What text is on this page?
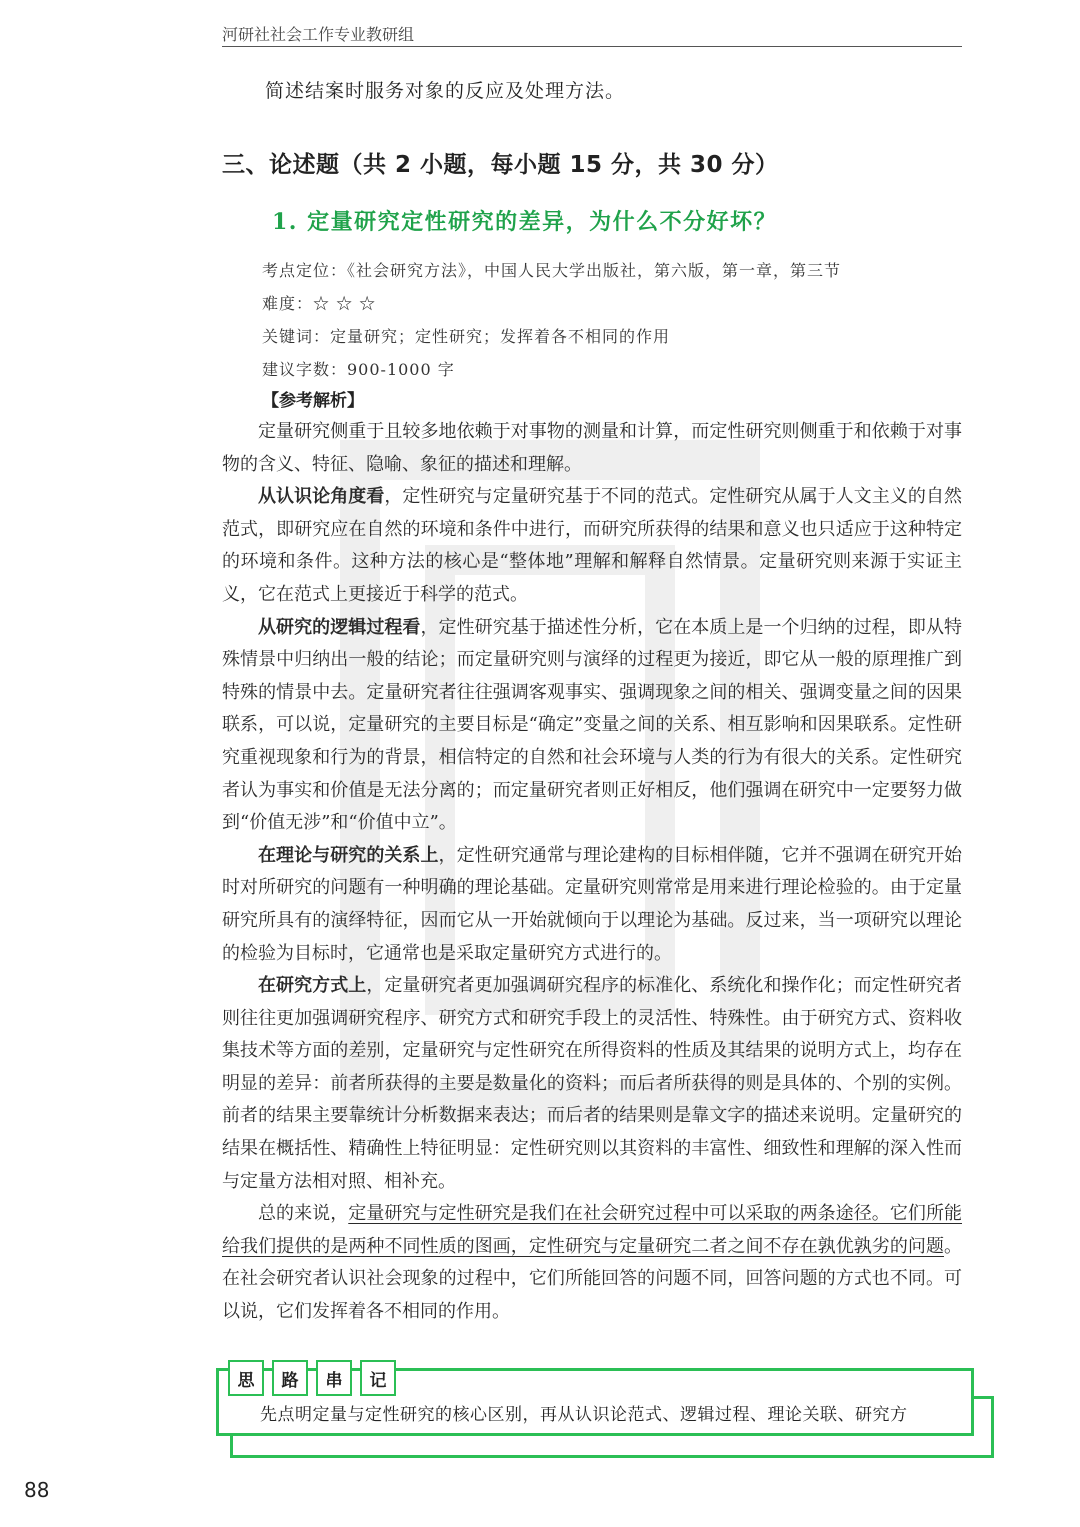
河研社社会工作专业教研组
简述结案时服务对象的反应及处理方法。
三、论述题（共 2 小题，每小题 15 分，共 30 分）
1. 定量研究定性研究的差异，为什么不分好坏？
考点定位：《社会研究方法》，中国人民大学出版社，第六版，第一章，第三节
难度：☆ ☆ ☆
关键词：定量研究；定性研究；发挥着各不相同的作用
建议字数：900-1000 字
【参考解析】

定量研究侧重于且较多地依赖于对事物的测量和计算，而定性研究则侧重于和依赖于对事物的含义、特征、隐喻、象征的描述和理解。

从认识论角度看，定性研究与定量研究基于不同的范式。定性研究从属于人文主义的自然范式，即研究应在自然的环境和条件中进行，而研究所获得的结果和意义也只适应于这种特定的环境和条件。这种方法的核心是“整体地”理解和解释自然情景。定量研究则来源于实证主义，它在范式上更接近于科学的范式。

从研究的逻辑过程看，定性研究基于描述性分析，它在本质上是一个归纳的过程，即从特殊情景中归纳出一般的结论；而定量研究则与演绎的过程更为接近，即它从一般的原理推广到特殊的情景中去。定量研究者往往强调客观事实、强调现象之间的相关、强调变量之间的因果联系，可以说，定量研究的主要目标是“确定”变量之间的关系、相互影响和因果联系。定性研究重视现象和行为的背景，相信特定的自然和社会环境与人类的行为有很大的关系。定性研究者认为事实和价值是无法分离的；而定量研究者则正好相反，他们强调在研究中一定要努力做到“价值无涉”和“价值中立”。

在理论与研究的关系上，定性研究通常与理论建构的目标相伴随，它并不强调在研究开始时对所研究的问题有一种明确的理论基础。定量研究则常常是用来进行理论检验的。由于定量研究所具有的演绎特征，因而它从一开始就倾向于以理论为基础。反过来，当一项研究以理论的检验为目标时，它通常也是采取定量研究方式进行的。

在研究方式上，定量研究者更加强调研究程序的标准化、系统化和操作化；而定性研究者则往往更加强调研究程序、研究方式和研究手段上的灵活性、特殊性。由于研究方式、资料收集技术等方面的差别，定量研究与定性研究在所得资料的性质及其结果的说明方式上，均存在明显的差异：前者所获得的主要是数量化的资料；而后者所获得的则是具体的、个别的实例。前者的结果主要靠统计分析数据来表达；而后者的结果则是靠文字的描述来说明。定量研究的结果在概括性、精确性上特征明显：定性研究则以其资料的丰富性、细致性和理解的深入性而与定量方法相对照、相补充。

总的来说，定量研究与定性研究是我们在社会研究过程中可以采取的两条途径。它们所能给我们提供的是两种不同性质的图画，定性研究与定量研究二者之间不存在孰优孰劣的问题。在社会研究者认识社会现象的过程中，它们所能回答的问题不同，回答问题的方式也不同。可以说，它们发挥着各不相同的作用。

思	路	串	记
先点明定量与定性研究的核心区别，再从认识论范式、逻辑过程、理论关联、研究方
88
